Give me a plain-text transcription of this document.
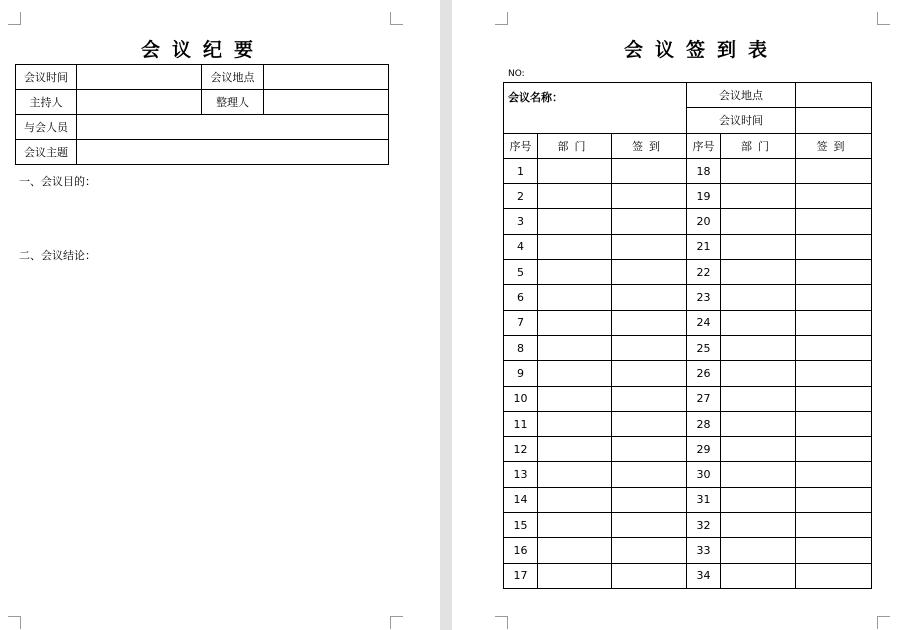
会议纪要
会议时间		会议地点	
主持人		整理人	
与会人员			
会议主题			
一、会议目的：
二、会议结论：
会议签到表
NO:
会议名称：			会议地点		
			会议时间		
序号	部门	签到	序号	部门	签到
1			18		
2			19		
3			20		
4			21		
5			22		
6			23		
7			24		
8			25		
9			26		
10			27		
11			28		
12			29		
13			30		
14			31		
15			32		
16			33		
17			34		
